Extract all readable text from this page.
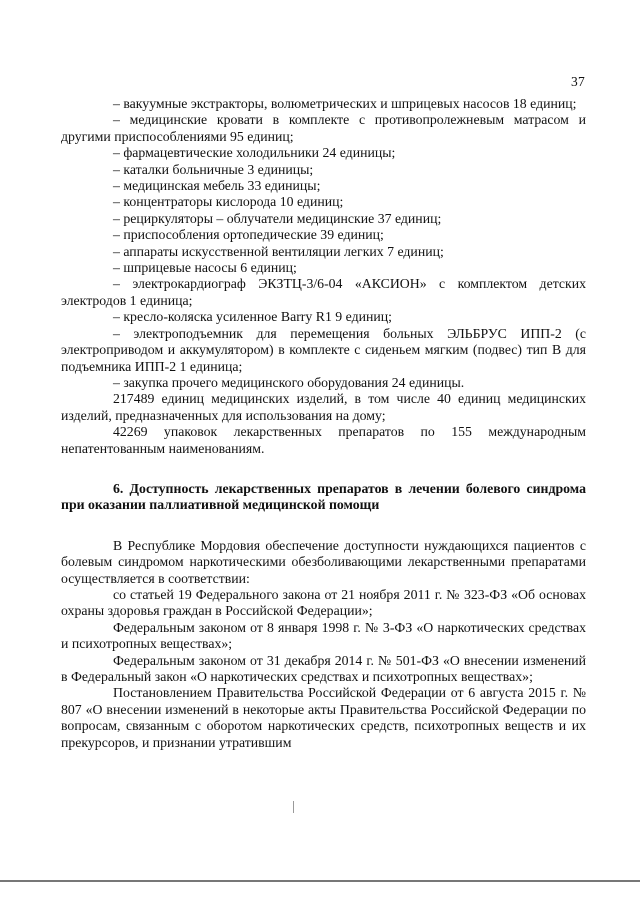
37

– вакуумные экстракторы, волюметрических и шприцевых насосов 18 единиц;

– медицинские кровати в комплекте с противопролежневым матрасом и другими приспособлениями 95 единиц;

– фармацевтические холодильники 24 единицы;

– каталки больничные 3 единицы;

– медицинская мебель 33 единицы;

– концентраторы кислорода 10 единиц;

– рециркуляторы – облучатели медицинские 37 единиц;

– приспособления ортопедические 39 единиц;

– аппараты искусственной вентиляции легких 7 единиц;

– шприцевые насосы 6 единиц;

– электрокардиограф ЭКЗТЦ-3/6-04 «АКСИОН» с комплектом детских электродов 1 единица;

– кресло-коляска усиленное Barry R1 9 единиц;

– электроподъемник для перемещения больных ЭЛЬБРУС ИПП-2 (с электроприводом и аккумулятором) в комплекте с сиденьем мягким (подвес) тип В для подъемника ИПП-2 1 единица;

– закупка прочего медицинского оборудования 24 единицы.

217489 единиц медицинских изделий, в том числе 40 единиц медицинских изделий, предназначенных для использования на дому;

42269 упаковок лекарственных препаратов по 155 международным непатентованным наименованиям.

6. Доступность лекарственных препаратов в лечении болевого синдрома при оказании паллиативной медицинской помощи

В Республике Мордовия обеспечение доступности нуждающихся пациентов с болевым синдромом наркотическими обезболивающими лекарственными препаратами осуществляется в соответствии:

со статьей 19 Федерального закона от 21 ноября 2011 г. № 323-ФЗ «Об основах охраны здоровья граждан в Российской Федерации»;

Федеральным законом от 8 января 1998 г. № 3-ФЗ «О наркотических средствах и психотропных веществах»;

Федеральным законом от 31 декабря 2014 г. № 501-ФЗ «О внесении изменений в Федеральный закон «О наркотических средствах и психотропных веществах»;

Постановлением Правительства Российской Федерации от 6 августа 2015 г. № 807 «О внесении изменений в некоторые акты Правительства Российской Федерации по вопросам, связанным с оборотом наркотических средств, психотропных веществ и их прекурсоров, и признании утратившим
